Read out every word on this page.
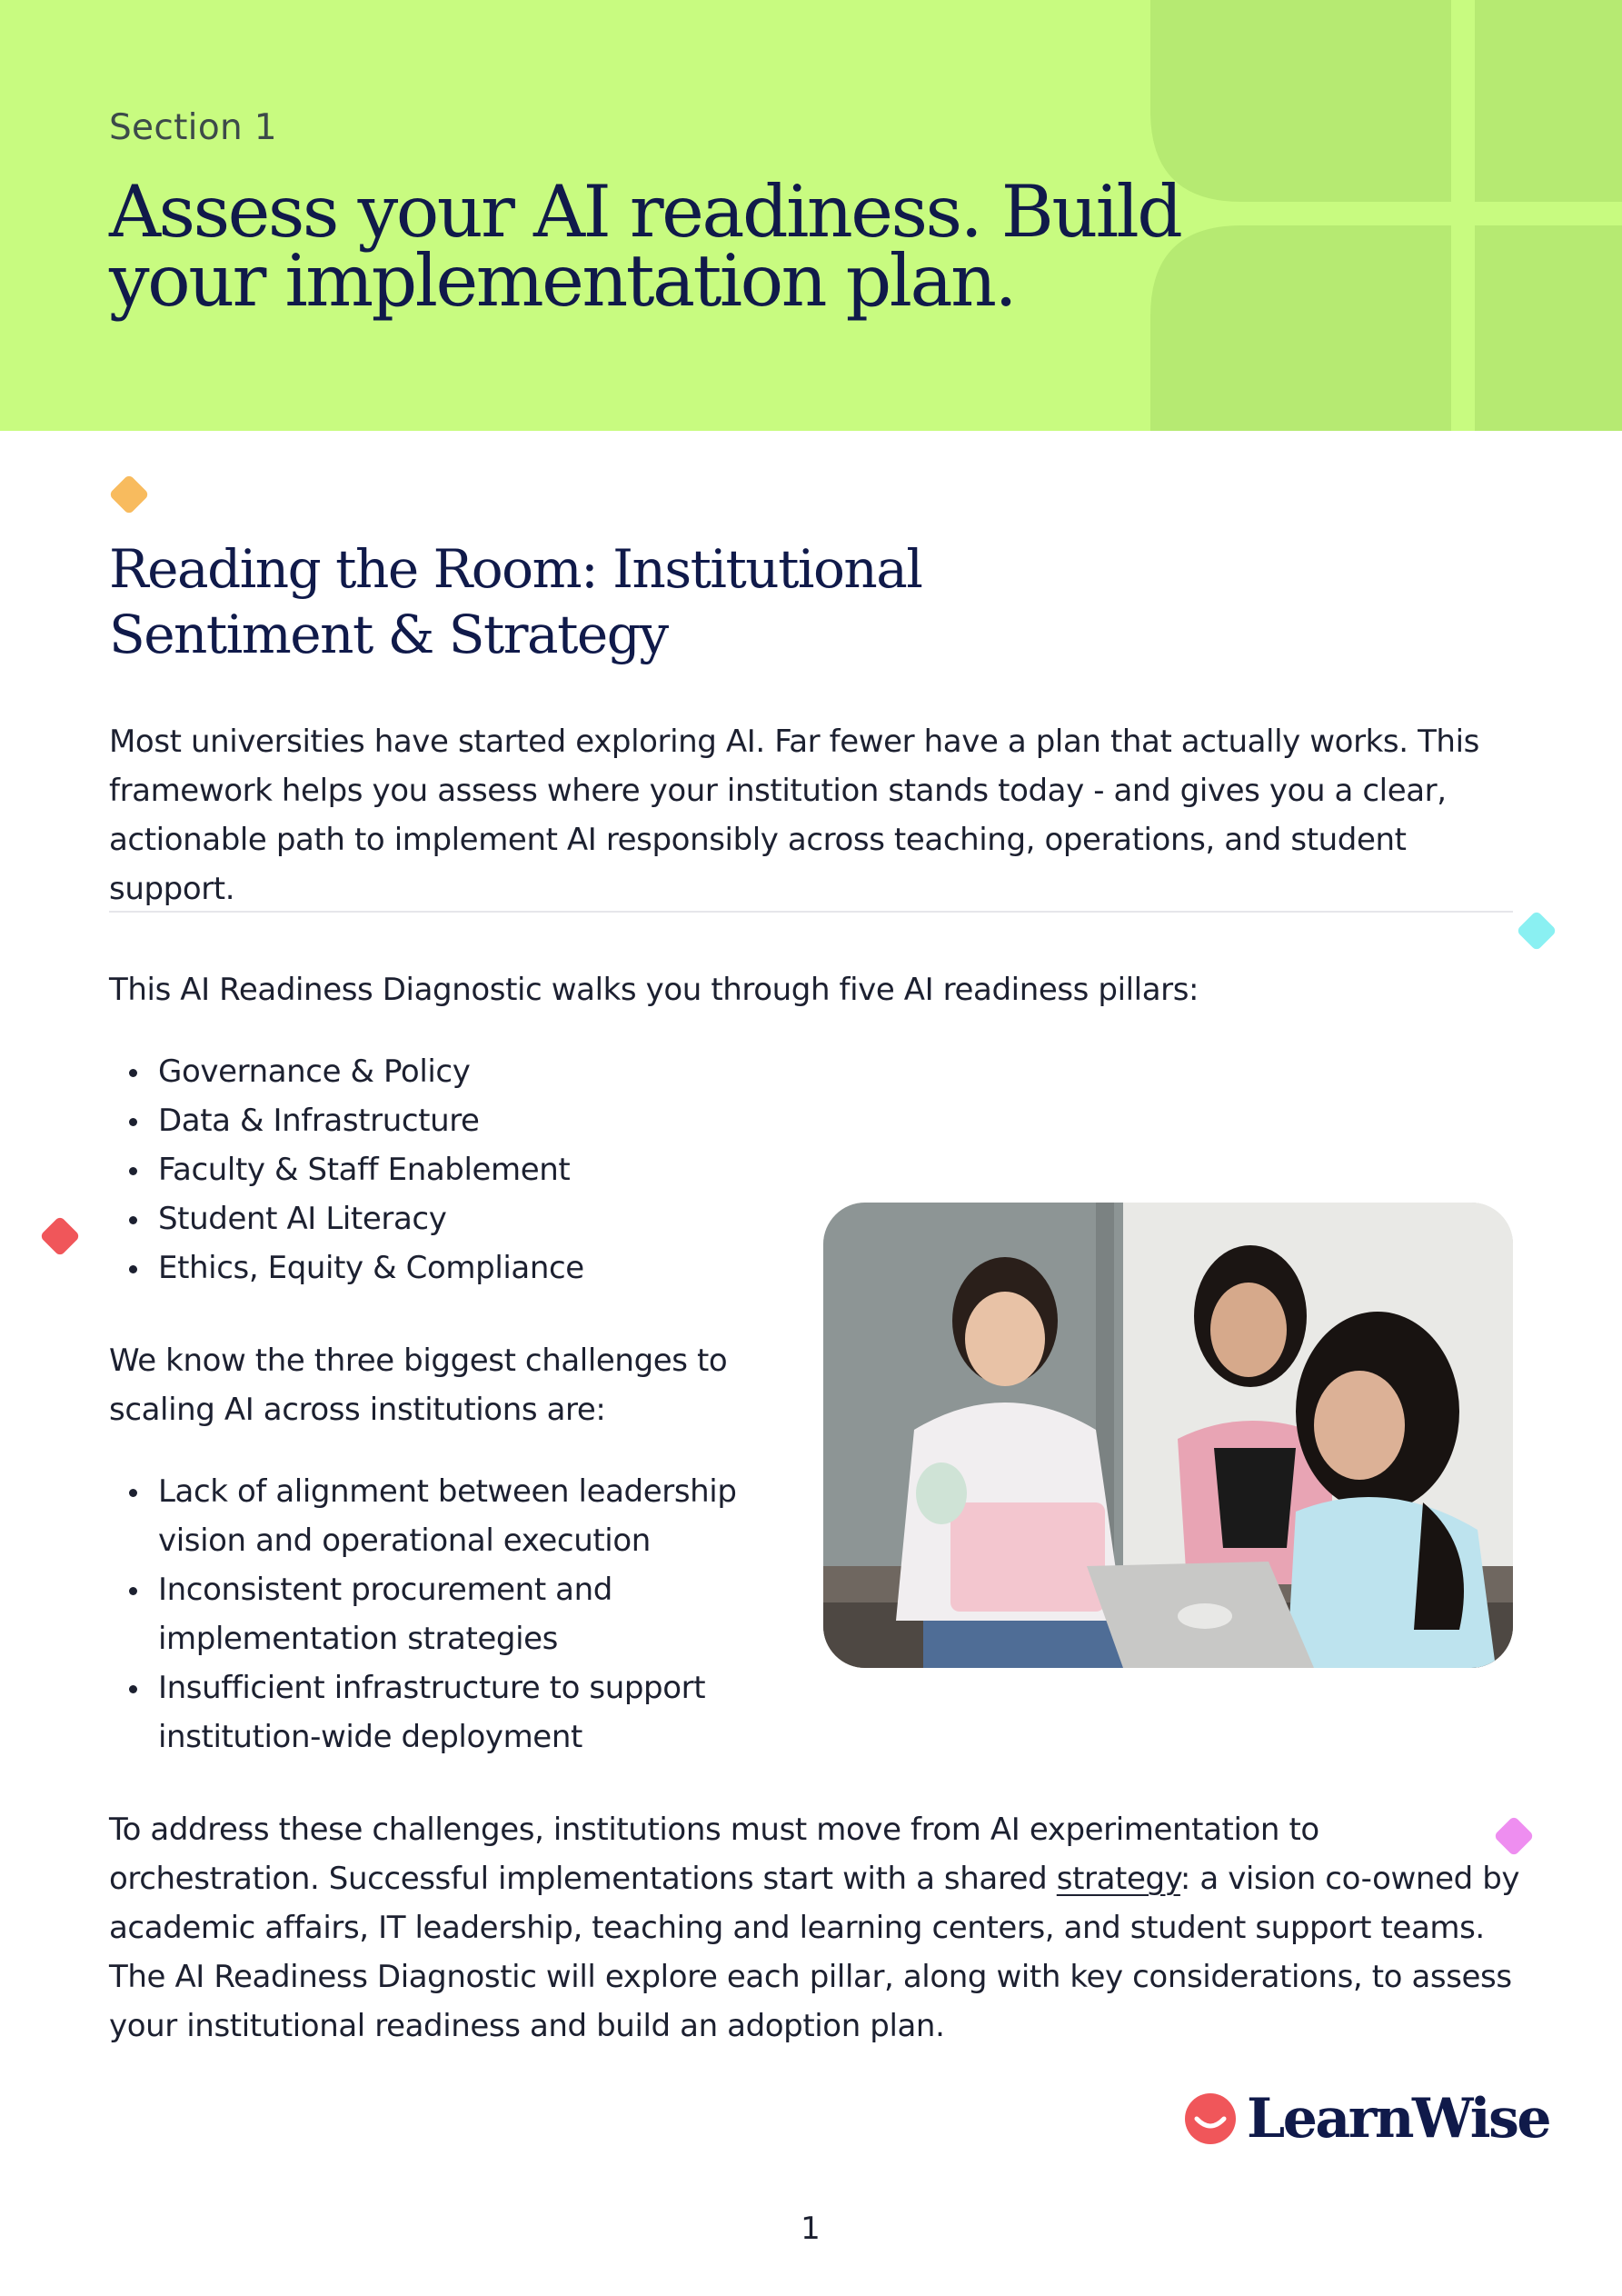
Section 1
Assess your AI readiness. Build your implementation plan.
Reading the Room: Institutional Sentiment & Strategy

Most universities have started exploring AI. Far fewer have a plan that actually works. This framework helps you assess where your institution stands today - and gives you a clear, actionable path to implement AI responsibly across teaching, operations, and student support.

This AI Readiness Diagnostic walks you through five AI readiness pillars:

Governance & Policy
Data & Infrastructure
Faculty & Staff Enablement
Student AI Literacy
Ethics, Equity & Compliance

We know the three biggest challenges to scaling AI across institutions are:

Lack of alignment between leadership vision and operational execution
Inconsistent procurement and implementation strategies
Insufficient infrastructure to support institution-wide deployment

To address these challenges, institutions must move from AI experimentation to orchestration. Successful implementations start with a shared strategy: a vision co-owned by academic affairs, IT leadership, teaching and learning centers, and student support teams. The AI Readiness Diagnostic will explore each pillar, along with key considerations, to assess your institutional readiness and build an adoption plan.

LearnWise
1
